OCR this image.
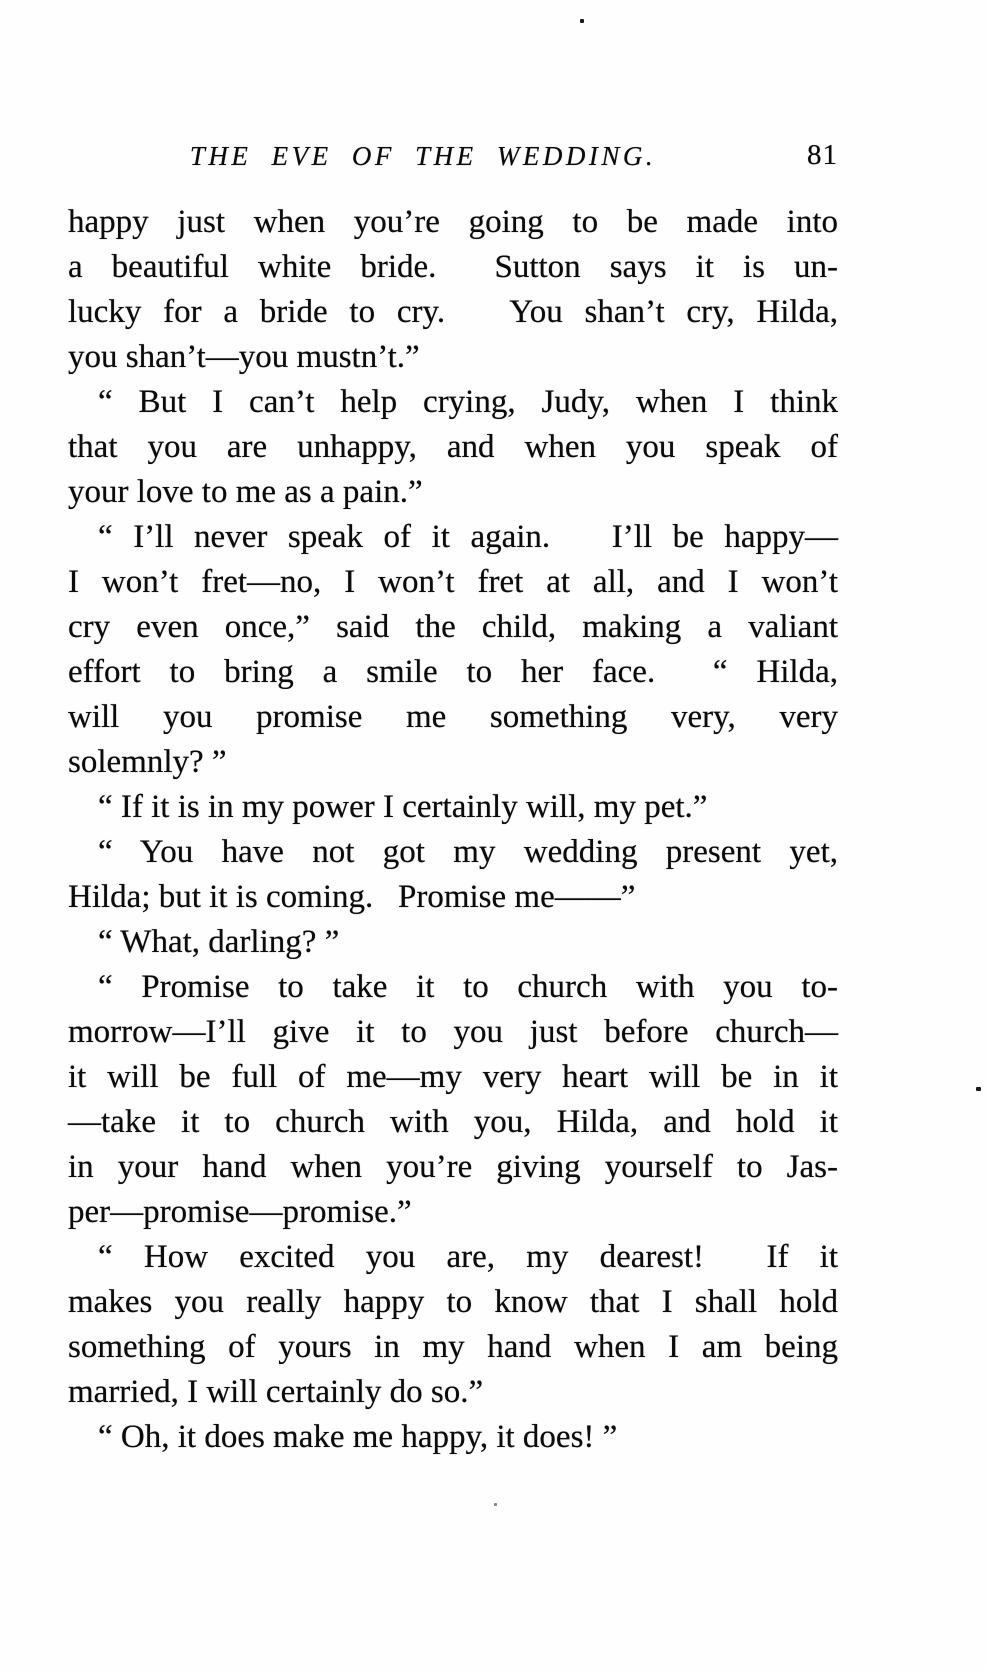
THE EVE OF THE WEDDING.	81
happy just when you’re going to be made into
a beautiful white bride.  Sutton says it is un-
lucky for a bride to cry.   You shan’t cry, Hilda,
you shan’t—you mustn’t.”
“ But I can’t help crying, Judy, when I think
that you are unhappy, and when you speak of
your love to me as a pain.”
“ I’ll never speak of it again.   I’ll be happy—
I won’t fret—no, I won’t fret at all, and I won’t
cry even once,” said the child, making a valiant
effort to bring a smile to her face.  “ Hilda,
will you promise me something very, very
solemnly? ”
“ If it is in my power I certainly will, my pet.”
“ You have not got my wedding present yet,
Hilda; but it is coming.   Promise me——”
“ What, darling? ”
“ Promise to take it to church with you to-
morrow—I’ll give it to you just before church—
it will be full of me—my very heart will be in it
—take it to church with you, Hilda, and hold it
in your hand when you’re giving yourself to Jas-
per—promise—promise.”
“ How excited you are, my dearest!  If it
makes you really happy to know that I shall hold
something of yours in my hand when I am being
married, I will certainly do so.”
“ Oh, it does make me happy, it does! ”
